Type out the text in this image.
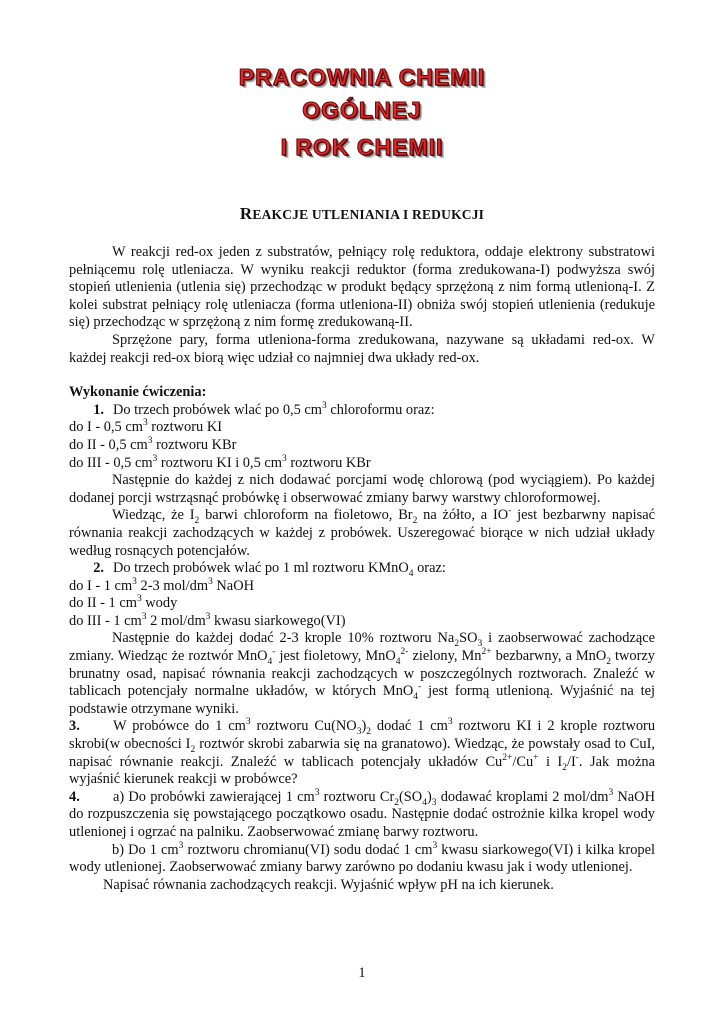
PRACOWNIA CHEMII
OGÓLNEJ
I ROK CHEMII
REAKCJE UTLENIANIA I REDUKCJI

W reakcji red-ox jeden z substratów, pełniący rolę reduktora, oddaje elektrony substratowi pełniącemu rolę utleniacza. W wyniku reakcji reduktor (forma zredukowana-I) podwyższa swój stopień utlenienia (utlenia się) przechodząc w produkt będący sprzężoną z nim formą utlenioną-I. Z kolei substrat pełniący rolę utleniacza (forma utleniona-II) obniża swój stopień utlenienia (redukuje się) przechodząc w sprzężoną z nim formę zredukowaną-II.

Sprzężone pary, forma utleniona-forma zredukowana, nazywane są układami red-ox. W każdej reakcji red-ox biorą więc udział co najmniej dwa układy red-ox.

Wykonanie ćwiczenia:

1. Do trzech probówek wlać po 0,5 $cm^3$ chloroformu oraz:

do I - 0,5 $cm^3$ roztworu KI

do II - 0,5 $cm^3$ roztworu KBr

do III - 0,5 $cm^3$ roztworu KI i 0,5 $cm^3$ roztworu KBr

Następnie do każdej z nich dodawać porcjami wodę chlorową (pod wyciągiem). Po każdej dodanej porcji wstrząsnąć probówkę i obserwować zmiany barwy warstwy chloroformowej.

Wiedząc, że $I_2$ barwi chloroform na fioletowo, $Br_2$ na żółto, a IO- jest bezbarwny napisać równania reakcji zachodzących w każdej z probówek. Uszeregować biorące w nich udział układy według rosnących potencjałów.

2. Do trzech probówek wlać po 1 ml roztworu KMnO$_4$ oraz:

do I - 1 $cm^3$ 2-3 mol/$dm^3$ NaOH

do II - 1 $cm^3$ wody

do III - 1 $cm^3$ 2 mol/$dm^3$ kwasu siarkowego(VI)

Następnie do każdej dodać 2-3 krople 10% roztworu $Na_2SO_3$ i zaobserwować zachodzące zmiany. Wiedząc że roztwór MnO$_4$- jest fioletowy, MnO$_4^{2-}$ zielony, $Mn^{2+}$ bezbarwny, a MnO$_2$ tworzy brunatny osad, napisać równania reakcji zachodzących w poszczególnych roztworach. Znaleźć w tablicach potencjały normalne układów, w których MnO$_4$- jest formą utlenioną. Wyjaśnić na tej podstawie otrzymane wyniki.

3. W probówce do 1 $cm^3$ roztworu $Cu(NO_3)_2$ dodać 1 $cm^3$ roztworu KI i 2 krople roztworu skrobi(w obecności $I_2$ roztwór skrobi zabarwia się na granatowo). Wiedząc, że powstały osad to CuI, napisać równanie reakcji. Znaleźć w tablicach potencjały układów $Cu^{2+}/Cu^+$ i $I_2/I^-$. Jak można wyjaśnić kierunek reakcji w probówce?

4. a) Do probówki zawierającej 1 $cm^3$ roztworu $Cr_2(SO_4)_3$ dodawać kroplami 2 mol/$dm^3$ NaOH do rozpuszczenia się powstającego początkowo osadu. Następnie dodać ostrożnie kilka kropel wody utlenionej i ogrzać na palniku. Zaobserwować zmianę barwy roztworu.

b) Do 1 $cm^3$ roztworu chromianu(VI) sodu dodać 1 $cm^3$ kwasu siarkowego(VI) i kilka kropel wody utlenionej. Zaobserwować zmiany barwy zarówno po dodaniu kwasu jak i wody utlenionej.

Napisać równania zachodzących reakcji. Wyjaśnić wpływ pH na ich kierunek.

1
